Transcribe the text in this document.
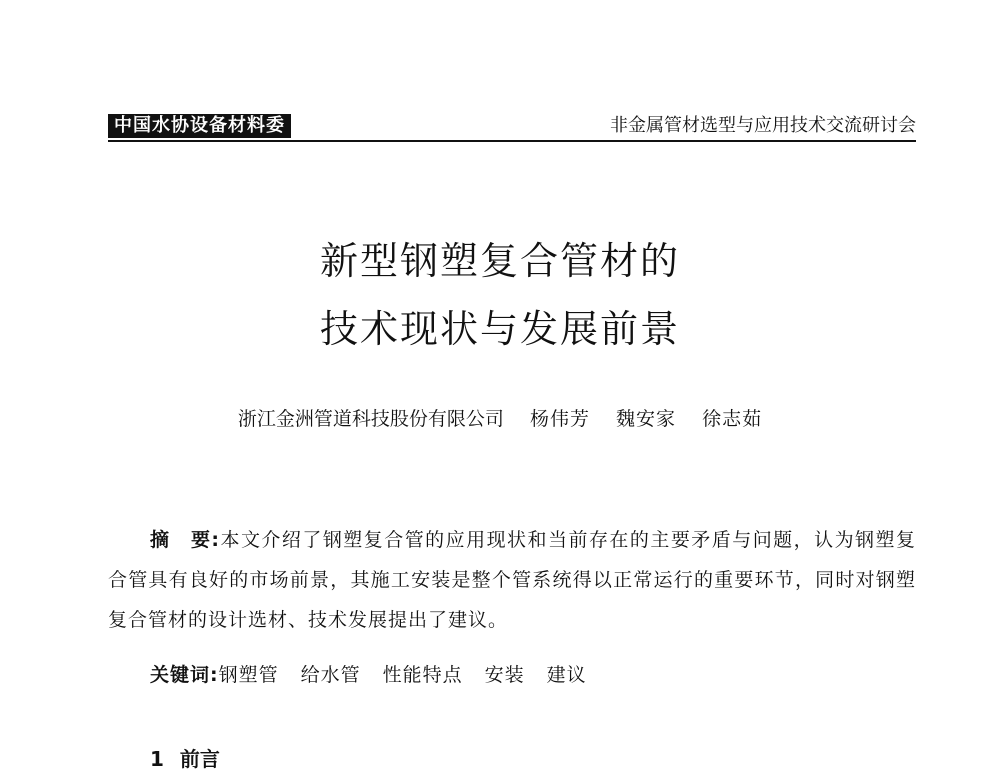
中国水协设备材料委	非金属管材选型与应用技术交流研讨会
新型钢塑复合管材的
技术现状与发展前景
浙江金洲管道科技股份有限公司 杨伟芳 魏安家 徐志茹
摘　要:本文介绍了钢塑复合管的应用现状和当前存在的主要矛盾与问题，认为钢塑复合管具有良好的市场前景，其施工安装是整个管系统得以正常运行的重要环节，同时对钢塑复合管材的设计选材、技术发展提出了建议。
关键词:钢塑管 给水管 性能特点 安装 建议
1 前言
